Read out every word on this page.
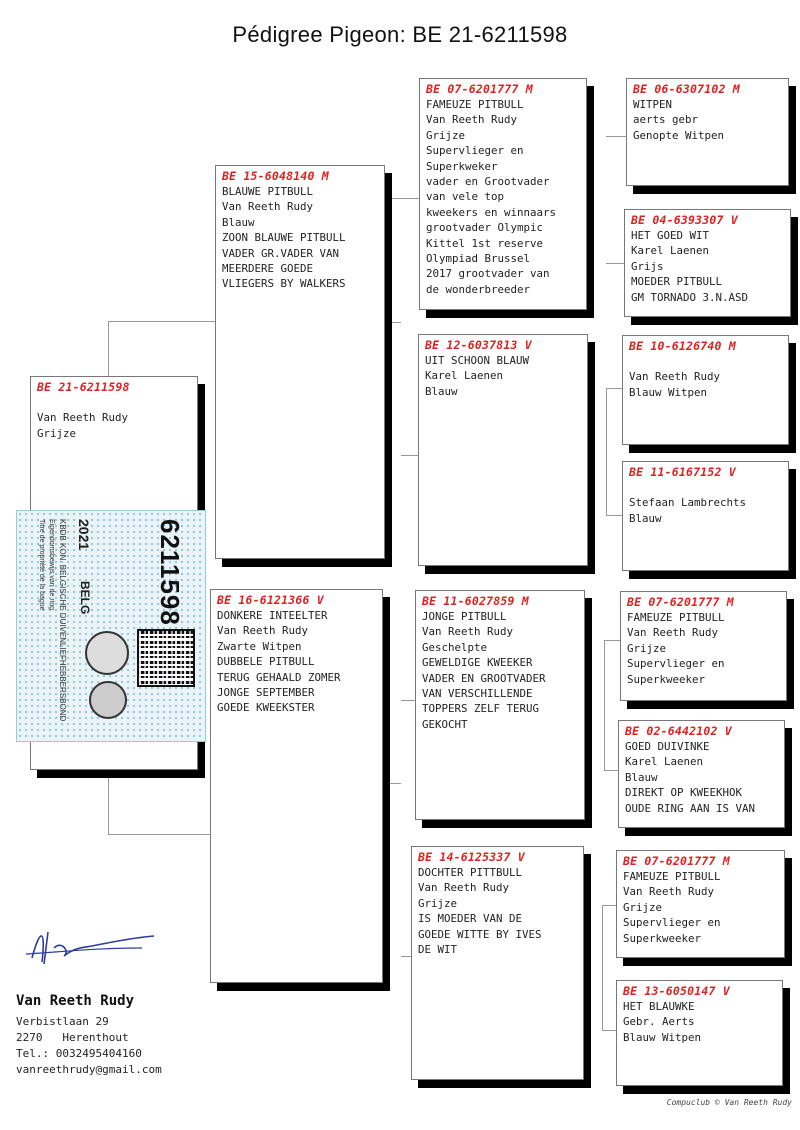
Pédigree Pigeon: BE 21-6211598
BE 21-6211598

Van Reeth Rudy
Grijze
BE 15-6048140 M
BLAUWE PITBULL
Van Reeth Rudy
Blauw
ZOON BLAUWE PITBULL
VADER GR.VADER VAN
MEERDERE GOEDE
VLIEGERS BY WALKERS
BE 16-6121366 V
DONKERE INTEELTER
Van Reeth Rudy
Zwarte Witpen
DUBBELE PITBULL
TERUG GEHAALD ZOMER
JONGE SEPTEMBER
GOEDE KWEEKSTER
BE 07-6201777 M
FAMEUZE PITBULL
Van Reeth Rudy
Grijze
Supervlieger en
Superkweker
vader en Grootvader
van vele top
kweekers en winnaars
grootvader Olympic
Kittel 1st reserve
Olympiad Brussel
2017 grootvader van
de wonderbreeder
BE 12-6037813 V
UIT SCHOON BLAUW
Karel Laenen
Blauw
BE 11-6027859 M
JONGE PITBULL
Van Reeth Rudy
Geschelpte
GEWELDIGE KWEEKER
VADER EN GROOTVADER
VAN VERSCHILLENDE
TOPPERS ZELF TERUG
GEKOCHT
BE 14-6125337 V
DOCHTER PITTBULL
Van Reeth Rudy
Grijze
IS MOEDER VAN DE
GOEDE WITTE BY IVES
DE WIT
BE 06-6307102 M
WITPEN
aerts gebr
Genopte Witpen
BE 04-6393307 V
HET GOED WIT
Karel Laenen
Grijs
MOEDER PITBULL
GM TORNADO 3.N.ASD
BE 10-6126740 M

Van Reeth Rudy
Blauw Witpen
BE 11-6167152 V

Stefaan Lambrechts
Blauw
BE 07-6201777 M
FAMEUZE PITBULL
Van Reeth Rudy
Grijze
Supervlieger en
Superkweeker
BE 02-6442102 V
GOED DUIVINKE
Karel Laenen
Blauw
DIREKT OP KWEEKHOK
OUDE RING AAN IS VAN
BE 07-6201777 M
FAMEUZE PITBULL
Van Reeth Rudy
Grijze
Supervlieger en
Superkweeker
BE 13-6050147 V
HET BLAUWKE
Gebr. Aerts
Blauw Witpen
6211598
2021
BELG
KBDB KON. BELGISCHE DUIVENLIEFHEBBERSBOND
Eigendomsbewijs van de ring
Titre de propriété de la bague
Van Reeth Rudy
Verbistlaan 29
2270   Herenthout
Tel.: 0032495404160
vanreethrudy@gmail.com
Compuclub © Van Reeth Rudy
